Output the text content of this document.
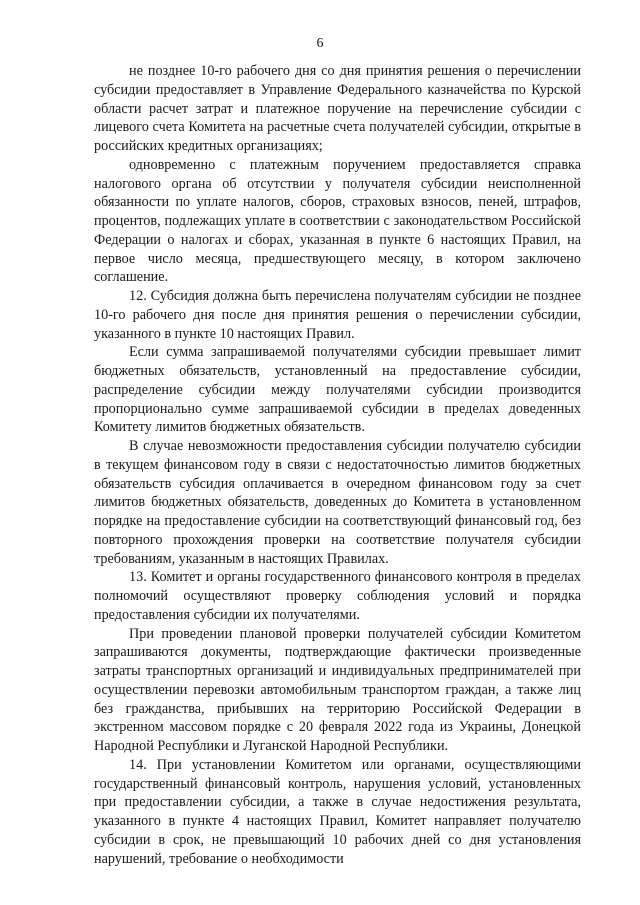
6

не позднее 10-го рабочего дня со дня принятия решения о перечислении субсидии предоставляет в Управление Федерального казначейства по Курской области расчет затрат и платежное поручение на перечисление субсидии с лицевого счета Комитета на расчетные счета получателей субсидии, открытые в российских кредитных организациях;

одновременно с платежным поручением предоставляется справка налогового органа об отсутствии у получателя субсидии неисполненной обязанности по уплате налогов, сборов, страховых взносов, пеней, штрафов, процентов, подлежащих уплате в соответствии с законодательством Российской Федерации о налогах и сборах, указанная в пункте 6 настоящих Правил, на первое число месяца, предшествующего месяцу, в котором заключено соглашение.

12. Субсидия должна быть перечислена получателям субсидии не позднее 10-го рабочего дня после дня принятия решения о перечислении субсидии, указанного в пункте 10 настоящих Правил.

Если сумма запрашиваемой получателями субсидии превышает лимит бюджетных обязательств, установленный на предоставление субсидии, распределение субсидии между получателями субсидии производится пропорционально сумме запрашиваемой субсидии в пределах доведенных Комитету лимитов бюджетных обязательств.

В случае невозможности предоставления субсидии получателю субсидии в текущем финансовом году в связи с недостаточностью лимитов бюджетных обязательств субсидия оплачивается в очередном финансовом году за счет лимитов бюджетных обязательств, доведенных до Комитета в установленном порядке на предоставление субсидии на соответствующий финансовый год, без повторного прохождения проверки на соответствие получателя субсидии требованиям, указанным в настоящих Правилах.

13. Комитет и органы государственного финансового контроля в пределах полномочий осуществляют проверку соблюдения условий и порядка предоставления субсидии их получателями.

При проведении плановой проверки получателей субсидии Комитетом запрашиваются документы, подтверждающие фактически произведенные затраты транспортных организаций и индивидуальных предпринимателей при осуществлении перевозки автомобильным транспортом граждан, а также лиц без гражданства, прибывших на территорию Российской Федерации в экстренном массовом порядке с 20 февраля 2022 года из Украины, Донецкой Народной Республики и Луганской Народной Республики.

14. При установлении Комитетом или органами, осуществляющими государственный финансовый контроль, нарушения условий, установленных при предоставлении субсидии, а также в случае недостижения результата, указанного в пункте 4 настоящих Правил, Комитет направляет получателю субсидии в срок, не превышающий 10 рабочих дней со дня установления нарушений, требование о необходимости
